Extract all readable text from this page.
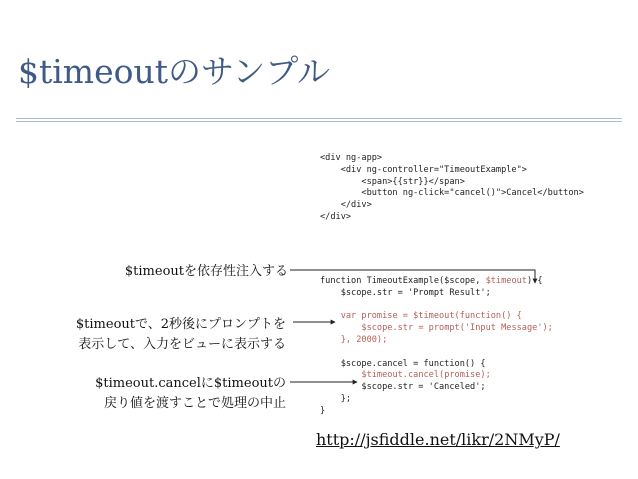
$timeoutのサンプル
<div ng-app>
<div ng-controller="TimeoutExample">
<span>{{str}}</span>
<button ng-click="cancel()">Cancel</button>
</div>
</div>
function TimeoutExample($scope, $timeout) {
$scope.str = 'Prompt Result';
var promise = $timeout(function() {
$scope.str = prompt('Input Message');
}, 2000);
$scope.cancel = function() {
$timeout.cancel(promise);
$scope.str = 'Canceled';
};
}
$timeoutを依存性注入する
$timeoutで、2秒後にプロンプトを
表示して、入力をビューに表示する
$timeout.cancelに$timeoutの
戻り値を渡すことで処理の中止
http://jsfiddle.net/likr/2NMyP/
